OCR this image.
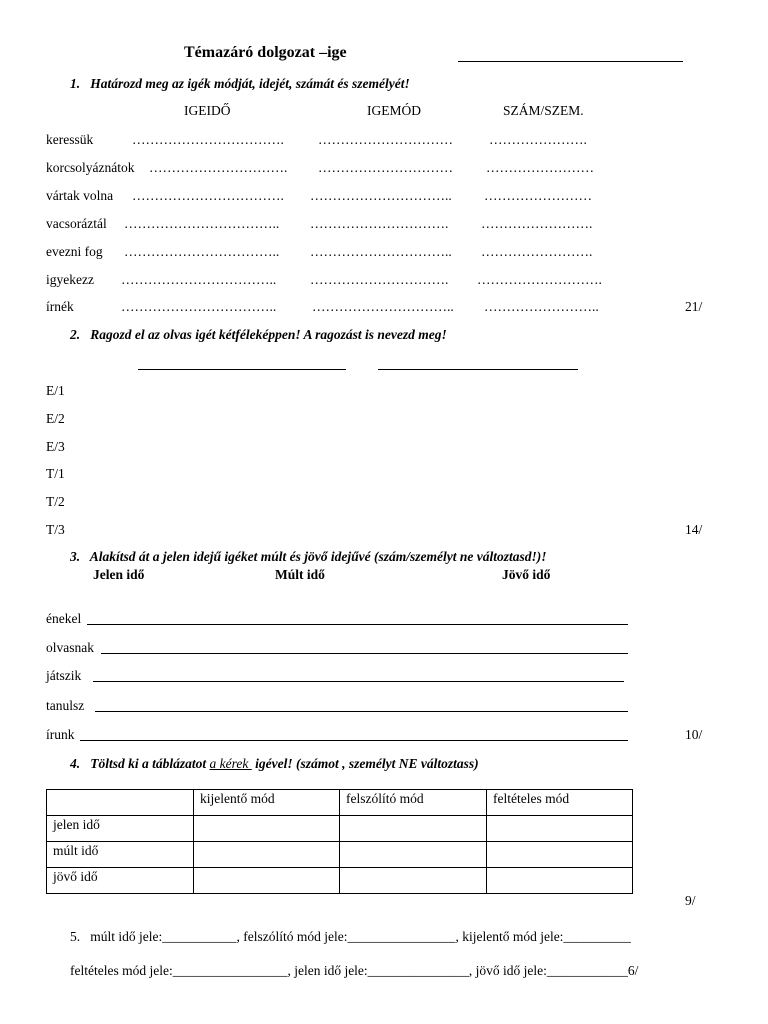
Témazáró dolgozat –ige
1.   Határozd meg az igék módját, idejét, számát és személyét!
IGEIDŐ	IGEMÓD	SZÁM/SZEM.
keressük	…………………………….	…………………………	………………….
korcsolyáznátok …………………………. ………………………… ……………………
vártak volna ……………………………. ………………………….. ……………………
vacsoráztál …………………………….. …………………………. …………………….
evezni fog …………………………….. ………………………….. …………………….
igyekezz ……………………………..	…………………………. ……………………….
írnék	……………………………..	………………………….. ……………………..	21/
2.   Ragozd el az olvas igét kétféleképpen! A ragozást is nevezd meg!
E/1
E/2
E/3
T/1
T/2
T/3	14/
3.   Alakítsd át a jelen idejű igéket múlt és jövő idejűvé (szám/személyt ne változtasd!)!
Jelen idő	Múlt idő	Jövő idő
énekel
olvasnak
játszik
tanulsz
írunk	10/
4.   Töltsd ki a táblázatot a kérek  igével! (számot , személyt NE változtass)
	kijelentő mód	felszólító mód	feltételes mód
jelen idő			
múlt idő			
jövő idő			
9/
5.   múlt idő jele:___________, felszólító mód jele:________________, kijelentő mód jele:__________
feltételes mód jele:_________________, jelen idő jele:_______________, jövő idő jele:____________6/
